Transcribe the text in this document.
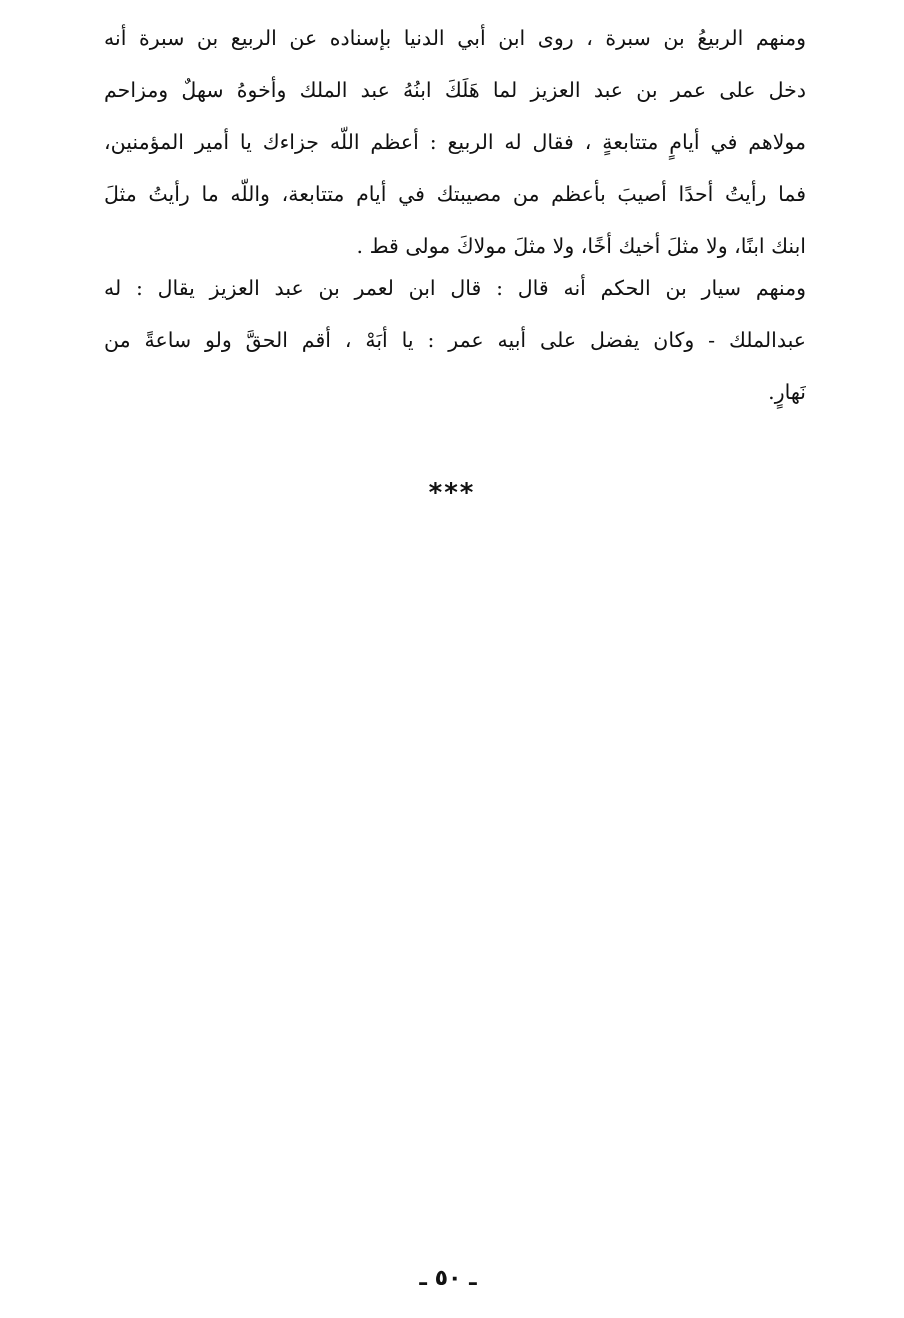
ومنهم الربيعُ بن سبرة ، روى ابن أبي الدنيا بإسناده عن الربيع بن سبرة أنه
دخل على عمر بن عبد العزيز لما هَلَكَ ابنُهُ عبد الملك وأخوهُ سهلٌ ومزاحم
مولاهم في أيامٍ متتابعةٍ ، فقال له الربيع : أعظم اللّه جزاءك يا أمير المؤمنين،
فما رأيتُ أحدًا أصيبَ بأعظم من مصيبتك في أيام متتابعة، واللّه ما رأيتُ مثلَ
ابنك ابنًا، ولا مثلَ أخيك أخًا، ولا مثلَ مولاكَ مولى قط .
ومنهم سيار بن الحكم أنه قال : قال ابن لعمر بن عبد العزيز يقال : له
عبدالملك - وكان يفضل على أبيه عمر : يا أبَهْ ، أقم الحقَّ ولو ساعةً من
نَهارٍ.
***
ـ ٥٠ ـ
